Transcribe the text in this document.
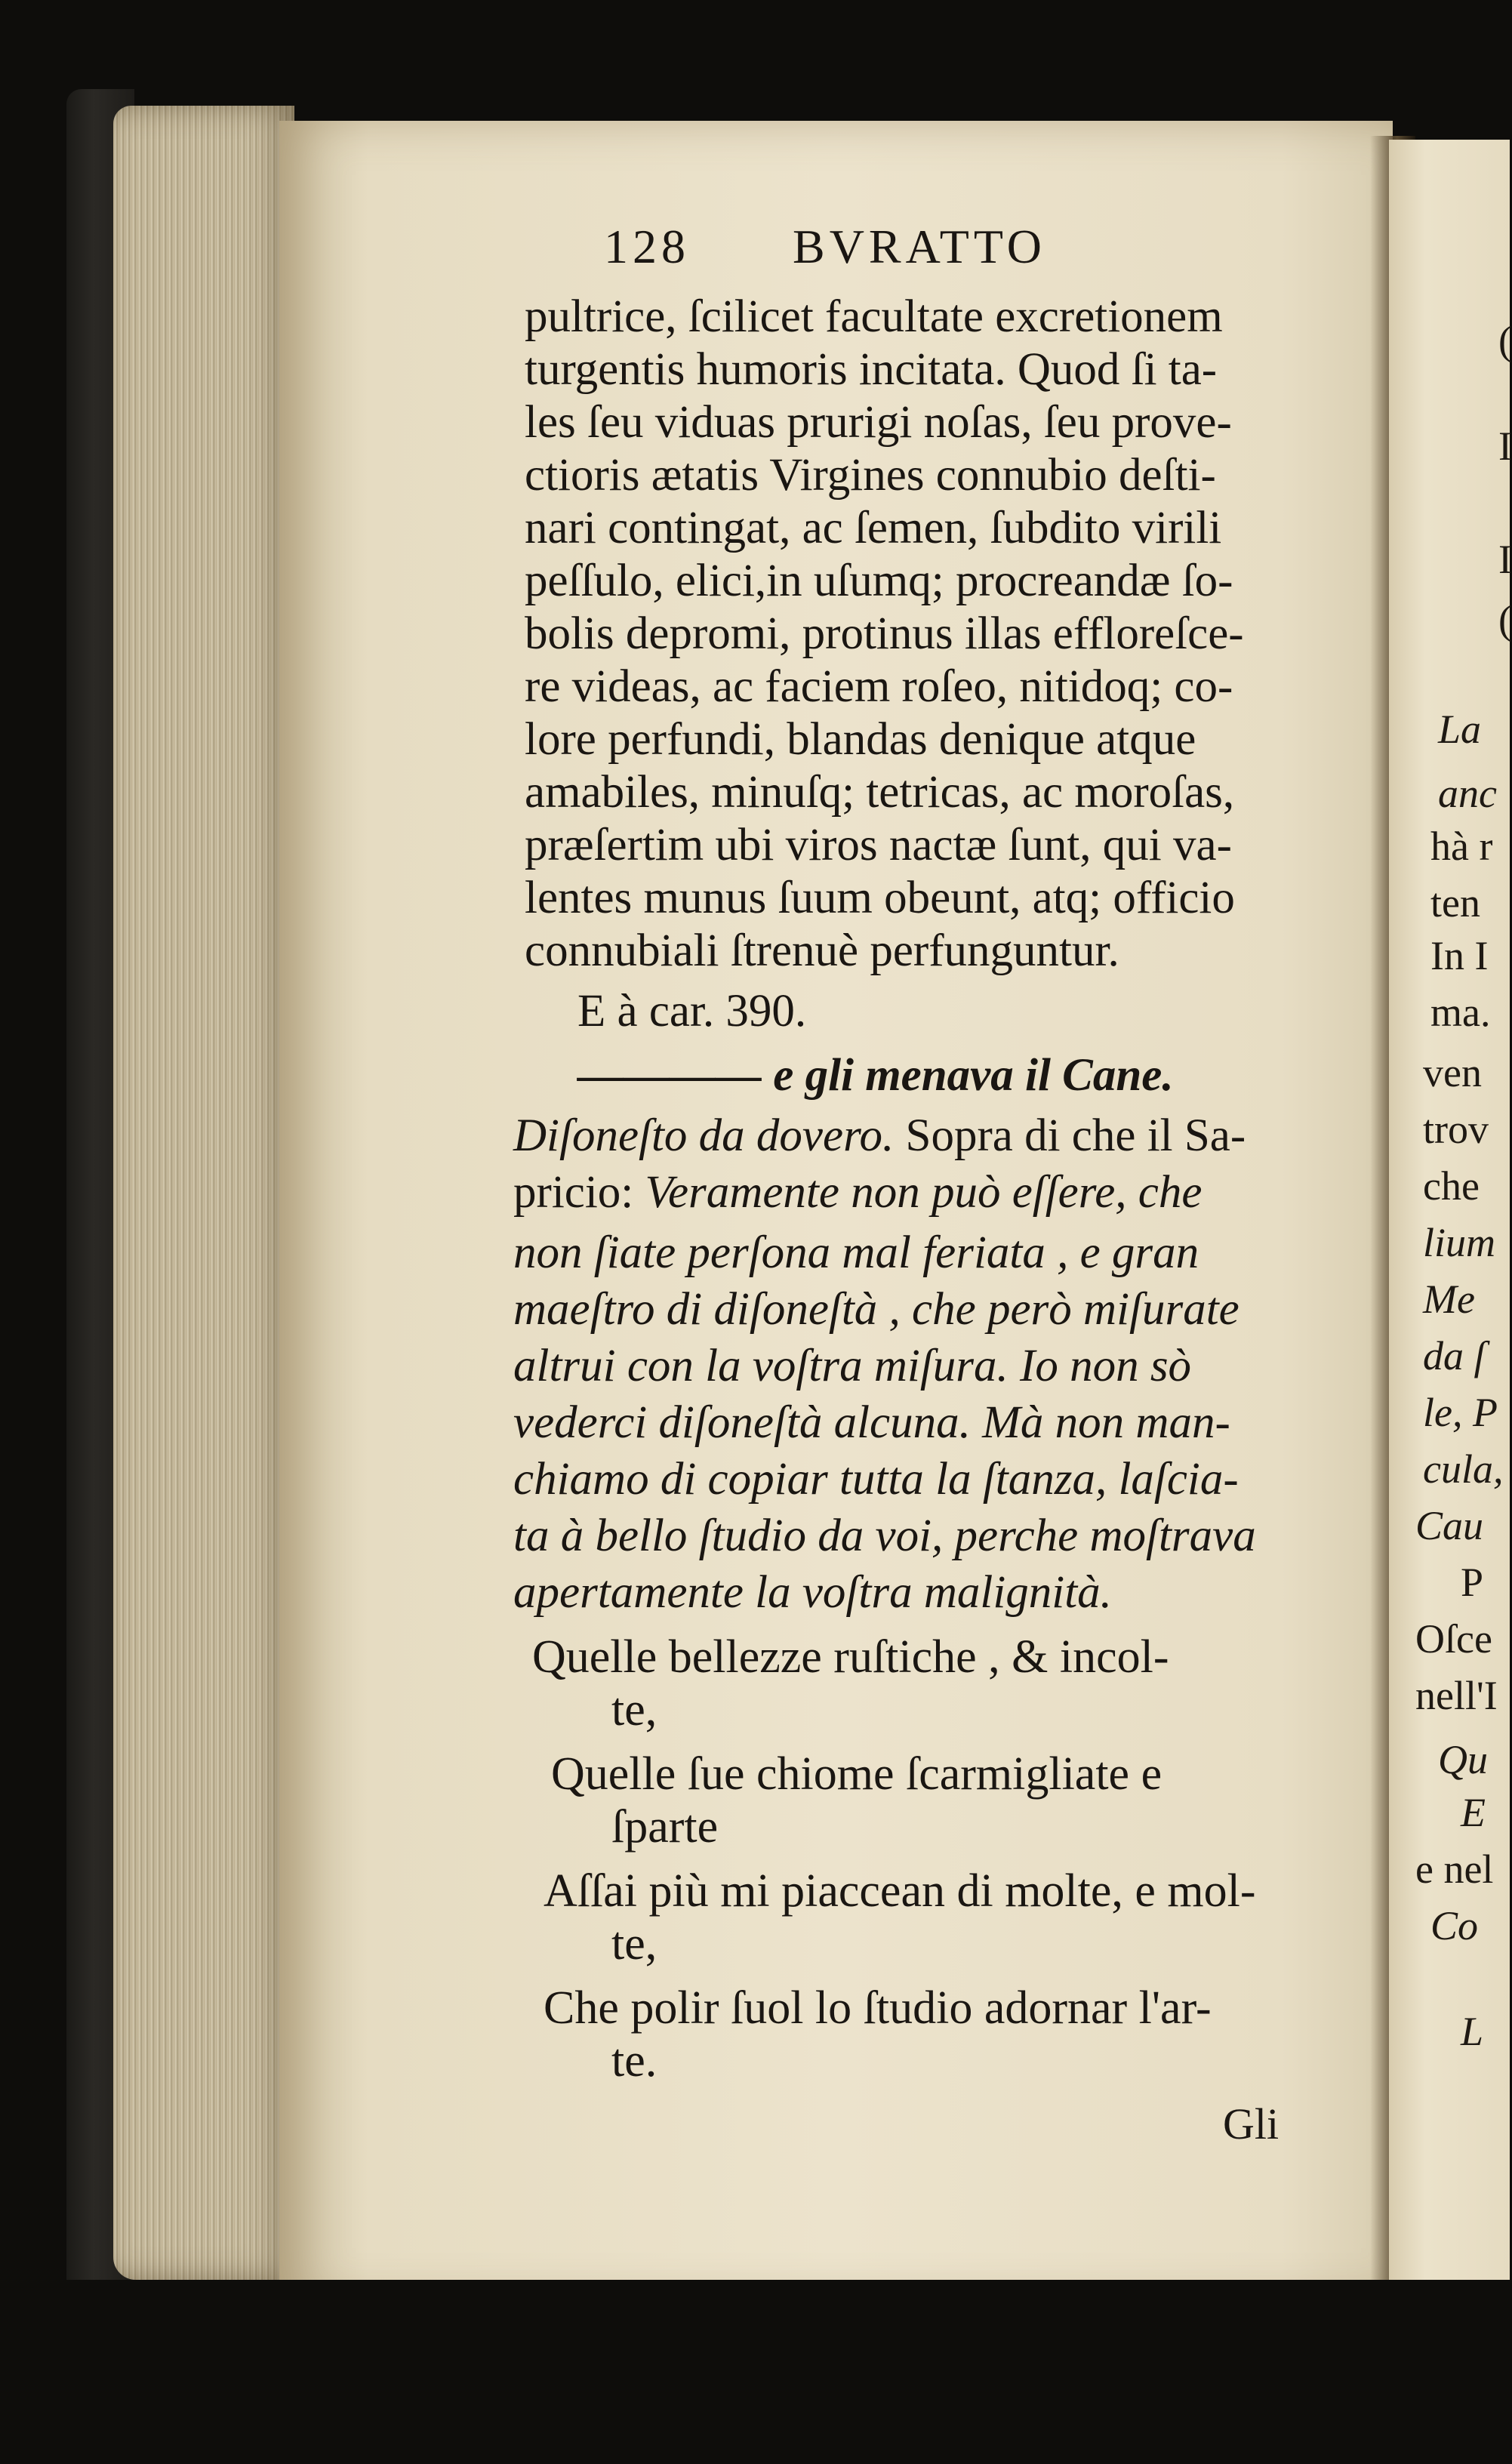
128 BVRATTO
pultrice, ſcilicet facultate excretionem
turgentis humoris incitata. Quod ſi ta-
les ſeu viduas prurigi noſas, ſeu prove-
ctioris ætatis Virgines connubio deſti-
nari contingat, ac ſemen, ſubdito virili
peſſulo, elici,in uſumq; procreandæ ſo-
bolis depromi, protinus illas effloreſce-
re videas, ac faciem roſeo, nitidoq; co-
lore perfundi, blandas denique atque
amabiles, minuſq; tetricas, ac moroſas,
præſertim ubi viros nactæ ſunt, qui va-
lentes munus ſuum obeunt, atq; officio
connubiali ſtrenuè perfunguntur.
E à car. 390.
———— e gli menava il Cane.
Diſoneſto da dovero. Sopra di che il Sa-
pricio: Veramente non può eſſere, che
non ſiate perſona mal feriata , e gran
maeſtro di diſoneſtà , che però miſurate
altrui con la voſtra miſura. Io non sò
vederci diſoneſtà alcuna. Mà non man-
chiamo di copiar tutta la ſtanza, laſcia-
ta à bello ſtudio da voi, perche moſtrava
apertamente la voſtra malignità.
Quelle bellezze ruſtiche , & incol-
te,
Quelle ſue chiome ſcarmigliate e
ſparte
Aſſai più mi piaccean di molte, e mol-
te,
Che polir ſuol lo ſtudio adornar l'ar-
te.
Gli
(
I
I
(
La
anc
hà r
ten
In I
ma.
ven
trov
che
lium
Me
da ſ
le, P
cula,
Cau
P
Oſce
nell'I
Qu
E
e nel
Co
L
